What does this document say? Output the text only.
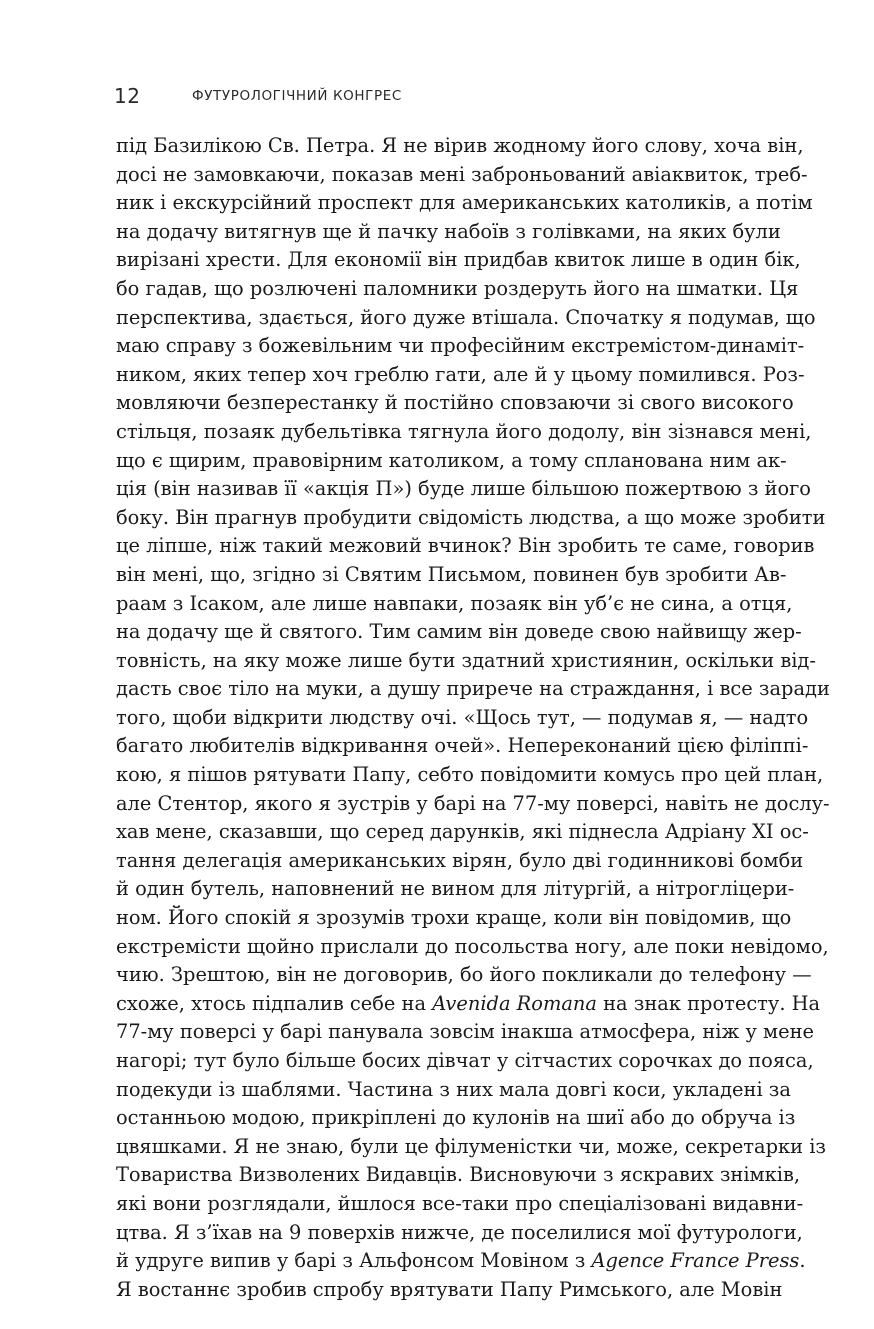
12	ФУТУРОЛОГІЧНИЙ КОНГРЕС
під Базилікою Св. Петра. Я не вірив жодному його слову, хоча він,
досі не замовкаючи, показав мені заброньований авіаквиток, треб-
ник і екскурсійний проспект для американських католиків, а потім
на додачу витягнув ще й пачку набоїв з голівками, на яких були
вирізані хрести. Для економії він придбав квиток лише в один бік,
бо гадав, що розлючені паломники роздеруть його на шматки. Ця
перспектива, здається, його дуже втішала. Спочатку я подумав, що
маю справу з божевільним чи професійним екстремістом-динаміт-
ником, яких тепер хоч греблю гати, але й у цьому помилився. Роз-
мовляючи безперестанку й постійно сповзаючи зі свого високого
стільця, позаяк дубельтівка тягнула його додолу, він зізнався мені,
що є щирим, правовірним католиком, а тому спланована ним ак-
ція (він називав її «акція П») буде лише більшою пожертвою з його
боку. Він прагнув пробудити свідомість людства, а що може зробити
це ліпше, ніж такий межовий вчинок? Він зробить те саме, говорив
він мені, що, згідно зі Святим Письмом, повинен був зробити Ав-
раам з Ісаком, але лише навпаки, позаяк він уб’є не сина, а отця,
на додачу ще й святого. Тим самим він доведе свою найвищу жер-
товність, на яку може лише бути здатний християнин, оскільки від-
дасть своє тіло на муки, а душу прирече на страждання, і все заради
того, щоби відкрити людству очі. «Щось тут, — подумав я, — надто
багато любителів відкривання очей». Непереконаний цією філіппі-
кою, я пішов рятувати Папу, себто повідомити комусь про цей план,
але Стентор, якого я зустрів у барі на 77-му поверсі, навіть не дослу-
хав мене, сказавши, що серед дарунків, які піднесла Адріану XI ос-
тання делегація американських вірян, було дві годинникові бомби
й один бутель, наповнений не вином для літургій, а нітрогліцери-
ном. Його спокій я зрозумів трохи краще, коли він повідомив, що
екстремісти щойно прислали до посольства ногу, але поки невідомо,
чию. Зрештою, він не договорив, бо його покликали до телефону —
схоже, хтось підпалив себе на Avenida Romana на знак протесту. На
77-му поверсі у барі панувала зовсім інакша атмосфера, ніж у мене
нагорі; тут було більше босих дівчат у сітчастих сорочках до пояса,
подекуди із шаблями. Частина з них мала довгі коси, укладені за
останньою модою, прикріплені до кулонів на шиї або до обруча із
цвяшками. Я не знаю, були це філуменістки чи, може, секретарки із
Товариства Визволених Видавців. Висновуючи з яскравих знімків,
які вони розглядали, йшлося все-таки про спеціалізовані видавни-
цтва. Я з’їхав на 9 поверхів нижче, де поселилися мої футурологи,
й удруге випив у барі з Альфонсом Мовіном з Agence France Press.
Я востаннє зробив спробу врятувати Папу Римського, але Мовін
